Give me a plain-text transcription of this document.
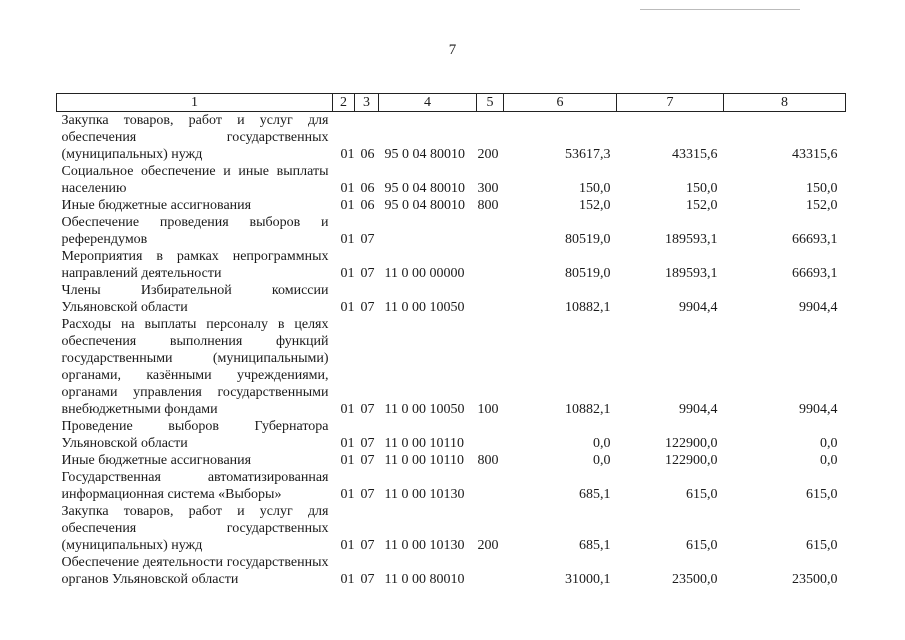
7
1	2	3	4	5	6	7	8
Закупка товаров, работ и услуг для обеспечения государственных (муниципальных) нужд	01	06	95 0 04 80010	200	53617,3	43315,6	43315,6
Социальное обеспечение и иные выплаты населению	01	06	95 0 04 80010	300	150,0	150,0	150,0
Иные бюджетные ассигнования	01	06	95 0 04 80010	800	152,0	152,0	152,0
Обеспечение проведения выборов и референдумов	01	07			80519,0	189593,1	66693,1
Мероприятия в рамках непрограммных направлений деятельности	01	07	11 0 00 00000		80519,0	189593,1	66693,1
Члены Избирательной комиссии Ульяновской области	01	07	11 0 00 10050		10882,1	9904,4	9904,4
Расходы на выплаты персоналу в целях обеспечения выполнения функций государственными (муниципальными) органами, казёнными учреждениями, органами управления государственными внебюджетными фондами	01	07	11 0 00 10050	100	10882,1	9904,4	9904,4
Проведение выборов Губернатора Ульяновской области	01	07	11 0 00 10110		0,0	122900,0	0,0
Иные бюджетные ассигнования	01	07	11 0 00 10110	800	0,0	122900,0	0,0
Государственная автоматизированная информационная система «Выборы»	01	07	11 0 00 10130		685,1	615,0	615,0
Закупка товаров, работ и услуг для обеспечения государственных (муниципальных) нужд	01	07	11 0 00 10130	200	685,1	615,0	615,0
Обеспечение деятельности государственных органов Ульяновской области	01	07	11 0 00 80010		31000,1	23500,0	23500,0
